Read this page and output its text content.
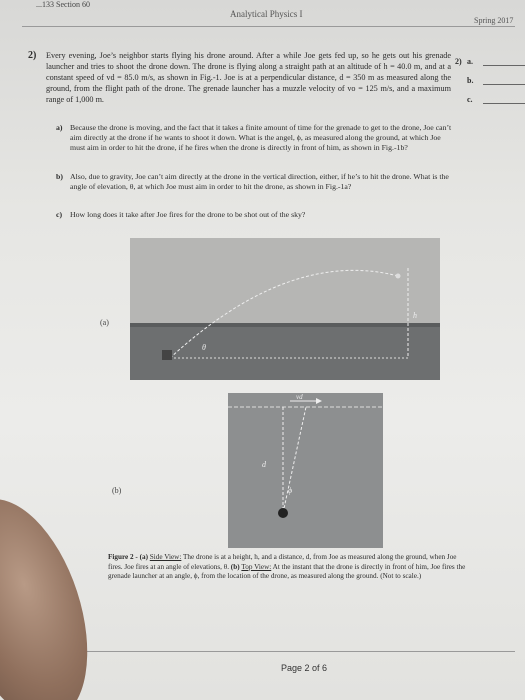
...133 Section 60
Analytical Physics I
Spring 2017
2) Every evening, Joe’s neighbor starts flying his drone around. After a while Joe gets fed up, so he gets out his grenade launcher and tries to shoot the drone down. The drone is flying along a straight path at an altitude of h = 40.0 m, and at a constant speed of vd = 85.0 m/s, as shown in Fig.-1. Joe is at a perpendicular distance, d = 350 m as measured along the ground, from the flight path of the drone. The grenade launcher has a muzzle velocity of vo = 125 m/s, and a maximum range of 1,000 m.
2) a.
b.
c.
a) Because the drone is moving, and the fact that it takes a finite amount of time for the grenade to get to the drone, Joe can’t aim directly at the drone if he wants to shoot it down. What is the angel, ϕ, as measured along the ground, at which Joe must aim in order to hit the drone, if he fires when the drone is directly in front of him, as shown in Fig.-1b?
b) Also, due to gravity, Joe can’t aim directly at the drone in the vertical direction, either, if he’s to hit the drone. What is the angle of elevation, θ, at which Joe must aim in order to hit the drone, as shown in Fig.-1a?
c) How long does it take after Joe fires for the drone to be shot out of the sky?
(a)
h
θ
(b)
vd
d
ϕ
Figure 2 - (a) Side View: The drone is at a height, h, and a distance, d, from Joe as measured along the ground, when Joe fires. Joe fires at an angle of elevations, θ. (b) Top View: At the instant that the drone is directly in front of him, Joe fires the grenade launcher at an angle, ϕ, from the location of the drone, as measured along the ground. (Not to scale.)
Page 2 of 6
